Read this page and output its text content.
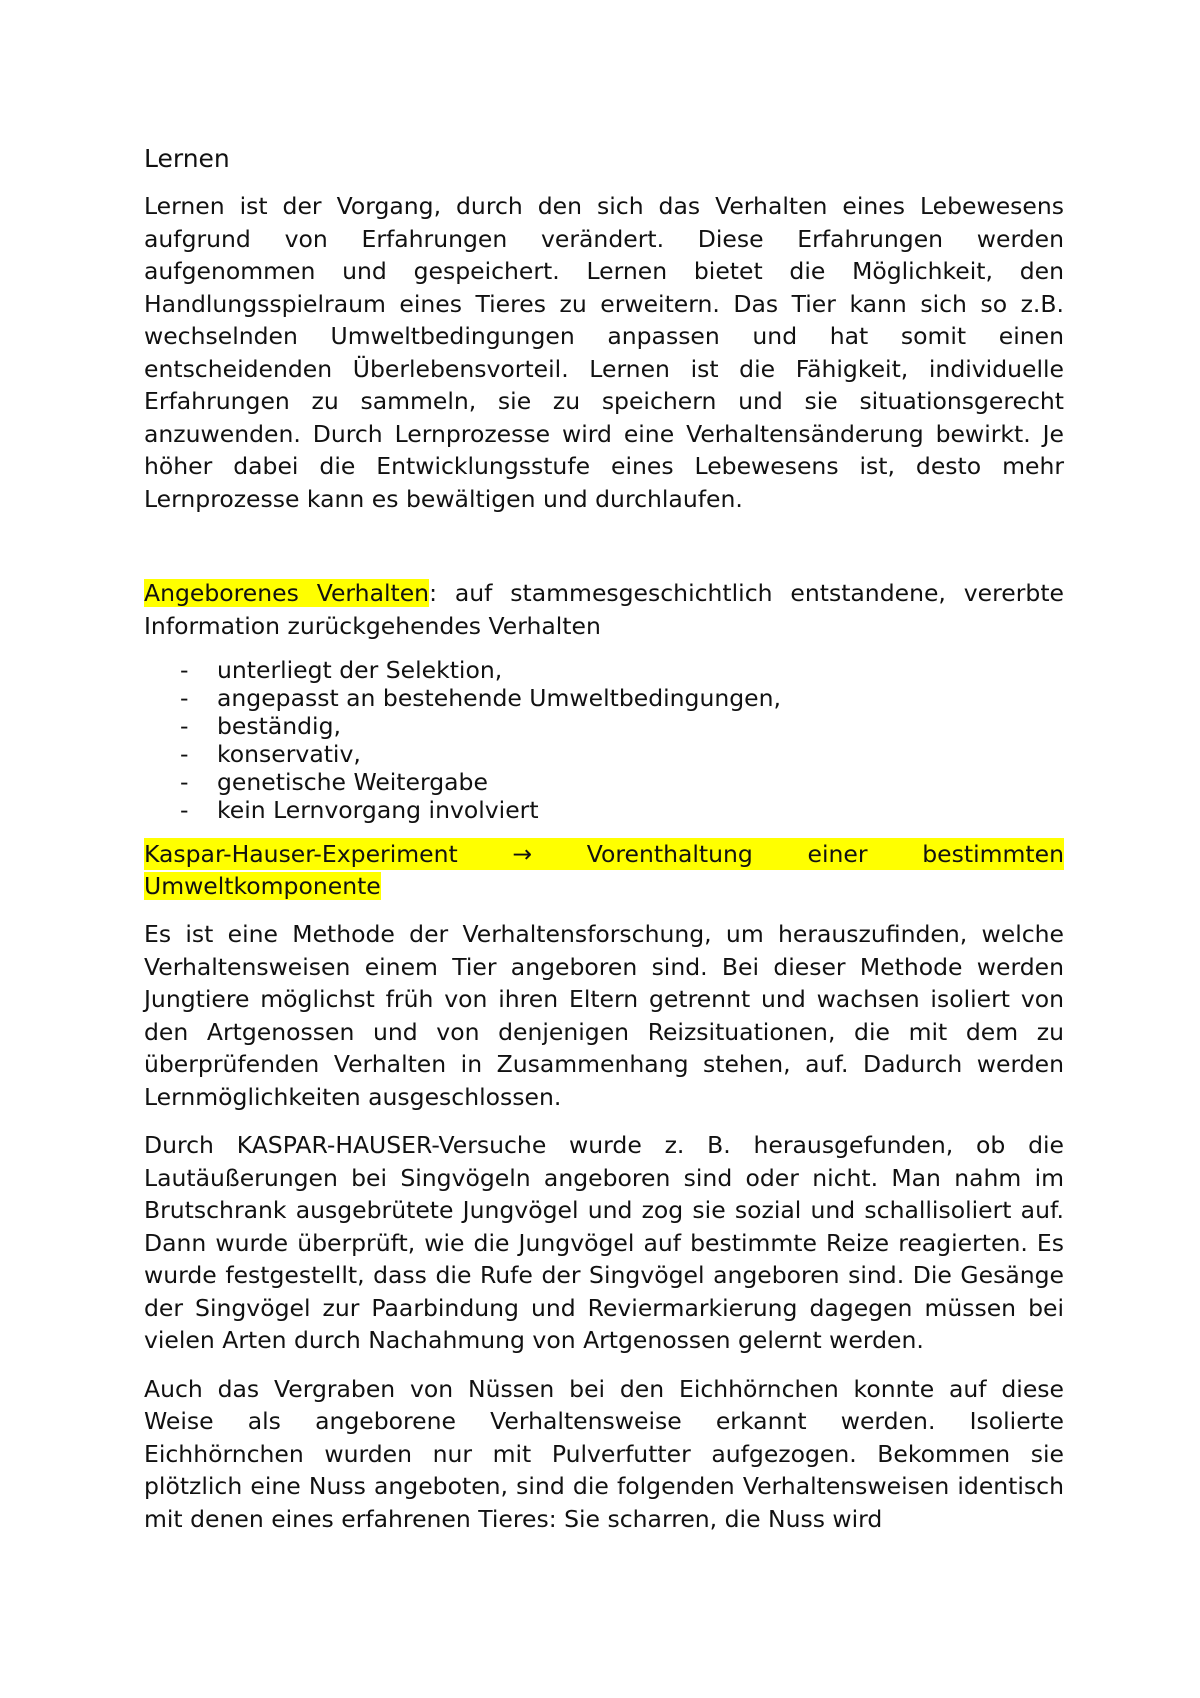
Lernen

Lernen ist der Vorgang, durch den sich das Verhalten eines Lebewesens aufgrund von Erfahrungen verändert. Diese Erfahrungen werden aufgenommen und gespeichert. Lernen bietet die Möglichkeit, den Handlungsspielraum eines Tieres zu erweitern. Das Tier kann sich so z.B. wechselnden Umweltbedingungen anpassen und hat somit einen entscheidenden Überlebensvorteil. Lernen ist die Fähigkeit, individuelle Erfahrungen zu sammeln, sie zu speichern und sie situationsgerecht anzuwenden. Durch Lernprozesse wird eine Verhaltensänderung bewirkt. Je höher dabei die Entwicklungsstufe eines Lebewesens ist, desto mehr Lernprozesse kann es bewältigen und durchlaufen.

Angeborenes Verhalten: auf stammesgeschichtlich entstandene, vererbte Information zurückgehendes Verhalten

- unterliegt der Selektion,
- angepasst an bestehende Umweltbedingungen,
- beständig,
- konservativ,
- genetische Weitergabe
- kein Lernvorgang involviert
Kaspar-Hauser-Experiment → Vorenthaltung einer bestimmten
Umweltkomponente

Es ist eine Methode der Verhaltensforschung, um herauszufinden, welche Verhaltensweisen einem Tier angeboren sind. Bei dieser Methode werden Jungtiere möglichst früh von ihren Eltern getrennt und wachsen isoliert von den Artgenossen und von denjenigen Reizsituationen, die mit dem zu überprüfenden Verhalten in Zusammenhang stehen, auf. Dadurch werden Lernmöglichkeiten ausgeschlossen.

Durch KASPAR-HAUSER-Versuche wurde z. B. herausgefunden, ob die Lautäußerungen bei Singvögeln angeboren sind oder nicht. Man nahm im Brutschrank ausgebrütete Jungvögel und zog sie sozial und schallisoliert auf. Dann wurde überprüft, wie die Jungvögel auf bestimmte Reize reagierten. Es wurde festgestellt, dass die Rufe der Singvögel angeboren sind. Die Gesänge der Singvögel zur Paarbindung und Reviermarkierung dagegen müssen bei vielen Arten durch Nachahmung von Artgenossen gelernt werden.

Auch das Vergraben von Nüssen bei den Eichhörnchen konnte auf diese Weise als angeborene Verhaltensweise erkannt werden. Isolierte Eichhörnchen wurden nur mit Pulverfutter aufgezogen. Bekommen sie plötzlich eine Nuss angeboten, sind die folgenden Verhaltensweisen identisch mit denen eines erfahrenen Tieres: Sie scharren, die Nuss wird
